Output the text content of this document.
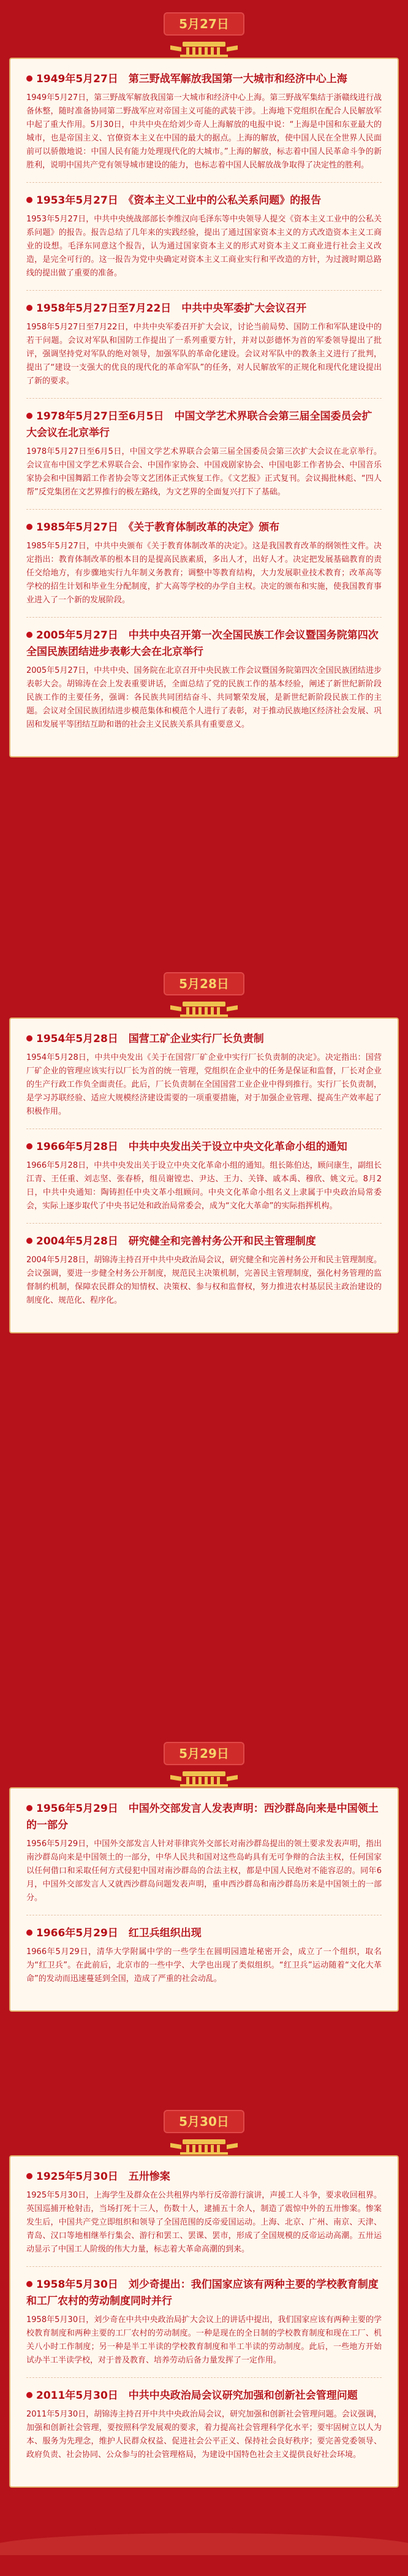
5月27日
1949年5月27日　第三野战军解放我国第一大城市和经济中心上海
1949年5月27日，第三野战军解放我国第一大城市和经济中心上海。第三野战军集结于浙赣线进行战备休整，随时准备协同第二野战军应对帝国主义可能的武装干涉。上海地下党组织在配合人民解放军中起了重大作用。5月30日，中共中央在给刘少奇人上海解放的电报中说：“上海是中国和东亚最大的城市，也是帝国主义、官僚资本主义在中国的最大的据点。上海的解放，使中国人民在全世界人民面前可以骄傲地说：中国人民有能力处理现代化的大城市。”上海的解放，标志着中国人民革命斗争的新胜利，说明中国共产党有领导城市建设的能力，也标志着中国人民解放战争取得了决定性的胜利。
1953年5月27日　《资本主义工业中的公私关系问题》的报告
1953年5月27日，中共中央统战部部长李维汉向毛泽东等中央领导人提交《资本主义工业中的公私关系问题》的报告。报告总结了几年来的实践经验，提出了通过国家资本主义的方式改造资本主义工商业的设想。毛泽东同意这个报告，认为通过国家资本主义的形式对资本主义工商业进行社会主义改造，是完全可行的。这一报告为党中央确定对资本主义工商业实行和平改造的方针，为过渡时期总路线的提出做了重要的准备。
1958年5月27日至7月22日　中共中央军委扩大会议召开
1958年5月27日至7月22日，中共中央军委召开扩大会议，讨论当前局势、国防工作和军队建设中的若干问题。会议对军队和国防工作提出了一系列重要方针，并对以彭德怀为首的军委领导提出了批评，强调坚持党对军队的绝对领导，加强军队的革命化建设。会议对军队中的教条主义进行了批判，提出了“建设一支强大的优良的现代化的革命军队”的任务，对人民解放军的正规化和现代化建设提出了新的要求。
1978年5月27日至6月5日　中国文学艺术界联合会第三届全国委员会扩大会议在北京举行
1978年5月27日至6月5日，中国文学艺术界联合会第三届全国委员会第三次扩大会议在北京举行。会议宣布中国文学艺术界联合会、中国作家协会、中国戏剧家协会、中国电影工作者协会、中国音乐家协会和中国舞蹈工作者协会等文艺团体正式恢复工作。《文艺报》正式复刊。会议揭批林彪、“四人帮”反党集团在文艺界推行的极左路线，为文艺界的全面复兴打下了基础。
1985年5月27日　《关于教育体制改革的决定》颁布
1985年5月27日，中共中央颁布《关于教育体制改革的决定》。这是我国教育改革的纲领性文件。决定指出：教育体制改革的根本目的是提高民族素质，多出人才，出好人才。决定把发展基础教育的责任交给地方，有步骤地实行九年制义务教育；调整中等教育结构，大力发展职业技术教育；改革高等学校的招生计划和毕业生分配制度，扩大高等学校的办学自主权。决定的颁布和实施，使我国教育事业进入了一个新的发展阶段。
2005年5月27日　中共中央召开第一次全国民族工作会议暨国务院第四次全国民族团结进步表彰大会在北京举行
2005年5月27日，中共中央、国务院在北京召开中央民族工作会议暨国务院第四次全国民族团结进步表彰大会。胡锦涛在会上发表重要讲话，全面总结了党的民族工作的基本经验，阐述了新世纪新阶段民族工作的主要任务，强调：各民族共同团结奋斗、共同繁荣发展，是新世纪新阶段民族工作的主题。会议对全国民族团结进步模范集体和模范个人进行了表彰，对于推动民族地区经济社会发展、巩固和发展平等团结互助和谐的社会主义民族关系具有重要意义。
5月28日
1954年5月28日　国营工矿企业实行厂长负责制
1954年5月28日，中共中央发出《关于在国营厂矿企业中实行厂长负责制的决定》。决定指出：国营厂矿企业的管理应该实行以厂长为首的统一管理，党组织在企业中的任务是保证和监督，厂长对企业的生产行政工作负全面责任。此后，厂长负责制在全国国营工业企业中得到推行。实行厂长负责制，是学习苏联经验、适应大规模经济建设需要的一项重要措施，对于加强企业管理、提高生产效率起了积极作用。
1966年5月28日　中共中央发出关于设立中央文化革命小组的通知
1966年5月28日，中共中央发出关于设立中央文化革命小组的通知。组长陈伯达，顾问康生，副组长江青、王任重、刘志坚、张春桥，组员谢镗忠、尹达、王力、关锋、戚本禹、穆欣、姚文元。8月2日，中共中央通知：陶铸担任中央文革小组顾问。中央文化革命小组名义上隶属于中央政治局常委会，实际上逐步取代了中央书记处和政治局常委会，成为“文化大革命”的实际指挥机构。
2004年5月28日　研究健全和完善村务公开和民主管理制度
2004年5月28日，胡锦涛主持召开中共中央政治局会议，研究健全和完善村务公开和民主管理制度。会议强调，要进一步健全村务公开制度，规范民主决策机制，完善民主管理制度，强化村务管理的监督制约机制，保障农民群众的知情权、决策权、参与权和监督权，努力推进农村基层民主政治建设的制度化、规范化、程序化。
5月29日
1956年5月29日　中国外交部发言人发表声明：西沙群岛向来是中国领土的一部分
1956年5月29日，中国外交部发言人针对菲律宾外交部长对南沙群岛提出的领土要求发表声明，指出南沙群岛向来是中国领土的一部分，中华人民共和国对这些岛屿具有无可争辩的合法主权，任何国家以任何借口和采取任何方式侵犯中国对南沙群岛的合法主权，都是中国人民绝对不能容忍的。同年6月，中国外交部发言人又就西沙群岛问题发表声明，重申西沙群岛和南沙群岛历来是中国领土的一部分。
1966年5月29日　红卫兵组织出现
1966年5月29日，清华大学附属中学的一些学生在圆明园遗址秘密开会，成立了一个组织，取名为“红卫兵”。在此前后，北京市的一些中学、大学也出现了类似组织。“红卫兵”运动随着“文化大革命”的发动而迅速蔓延到全国，造成了严重的社会动乱。
5月30日
1925年5月30日　五卅惨案
1925年5月30日，上海学生及群众在公共租界内举行反帝游行演讲，声援工人斗争，要求收回租界。英国巡捕开枪射击，当场打死十三人，伤数十人，逮捕五十余人，制造了震惊中外的五卅惨案。惨案发生后，中国共产党立即组织和领导了全国范围的反帝爱国运动。上海、北京、广州、南京、天津、青岛、汉口等地相继举行集会、游行和罢工、罢课、罢市，形成了全国规模的反帝运动高潮。五卅运动显示了中国工人阶级的伟大力量，标志着大革命高潮的到来。
1958年5月30日　刘少奇提出：我们国家应该有两种主要的学校教育制度和工厂农村的劳动制度同时并行
1958年5月30日，刘少奇在中共中央政治局扩大会议上的讲话中提出，我们国家应该有两种主要的学校教育制度和两种主要的工厂农村的劳动制度。一种是现在的全日制的学校教育制度和现在工厂、机关八小时工作制度；另一种是半工半读的学校教育制度和半工半读的劳动制度。此后，一些地方开始试办半工半读学校，对于普及教育、培养劳动后备力量发挥了一定作用。
2011年5月30日　中共中央政治局会议研究加强和创新社会管理问题
2011年5月30日，胡锦涛主持召开中共中央政治局会议，研究加强和创新社会管理问题。会议强调，加强和创新社会管理，要按照科学发展观的要求，着力提高社会管理科学化水平；要牢固树立以人为本、服务为先理念，维护人民群众权益、促进社会公平正义、保持社会良好秩序；要完善党委领导、政府负责、社会协同、公众参与的社会管理格局，为建设中国特色社会主义提供良好社会环境。
